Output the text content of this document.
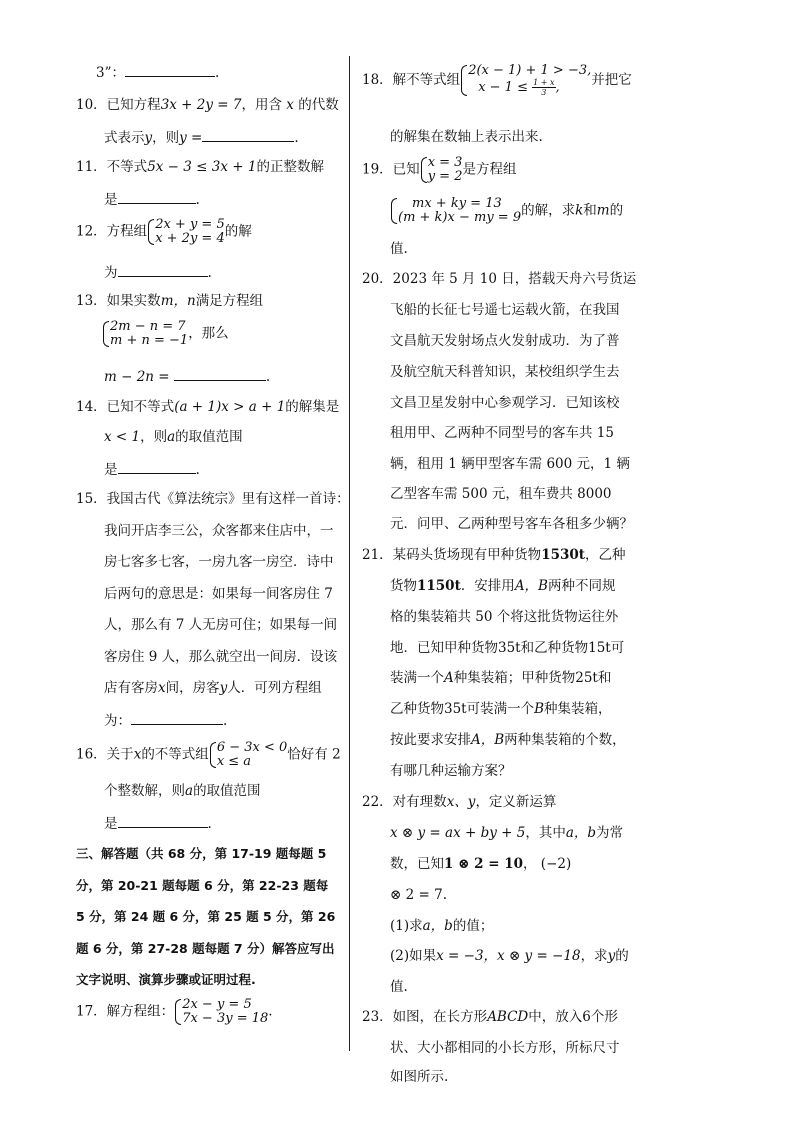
3”：	.
10．已知方程3x + 2y = 7，用含 x 的代数
式表示y，则y =	.
11．不等式5x − 3 ≤ 3x + 1的正整数解
是	.
12．方程组 2x + y = 5
x + 2y = 4 的解
为	.
13．如果实数m，n满足方程组
2m − n = 7
m + n = −1 ，那么
m − 2n =	.
14．已知不等式(a + 1)x > a + 1的解集是
x < 1，则a的取值范围
是	.
15．我国古代《算法统宗》里有这样一首诗：
我问开店李三公，众客都来住店中，一
房七客多七客，一房九客一房空．诗中
后两句的意思是：如果每一间客房住 7
人，那么有 7 人无房可住；如果每一间
客房住 9 人，那么就空出一间房．设该
店有客房x间，房客y人．可列方程组
为：	.
16．关于x的不等式组 6 − 3x < 0
x ≤ a	恰好有 2
个整数解，则a的取值范围
是	.
三、解答题（共 68 分，第 17-19 题每题 5
分，第 20-21 题每题 6 分，第 22-23 题每
5 分，第 24 题 6 分，第 25 题 5 分，第 26
题 6 分，第 27-28 题每题 7 分）解答应写出
文字说明、演算步骤或证明过程.
17．解方程组： 2x − y = 5
7x − 3y = 18 .
18．解不等式组
2(x − 1) + 1 > −3,
$x - 1 \le \frac{1 + x}{3}$ ,	并把它
的解集在数轴上表示出来.
19．已知 x = 3
y = 2 是方程组
mx + ky = 13
(m + k)x − my = 9 的解，求k和m的
值.
20．2023 年 5 月 10 日，搭载天舟六号货运
飞船的长征七号遥七运载火箭，在我国
文昌航天发射场点火发射成功．为了普
及航空航天科普知识，某校组织学生去
文昌卫星发射中心参观学习．已知该校
租用甲、乙两种不同型号的客车共 15
辆，租用 1 辆甲型客车需 600 元，1 辆
乙型客车需 500 元，租车费共 8000
元．问甲、乙两种型号客车各租多少辆？
21．某码头货场现有甲种货物1530t，乙种
货物1150t．安排用A，B两种不同规
格的集装箱共 50 个将这批货物运往外
地．已知甲种货物35t和乙种货物15t可
装满一个A种集装箱；甲种货物25t和
乙种货物35t可装满一个B种集装箱，
按此要求安排A，B两种集装箱的个数，
有哪几种运输方案？
22．对有理数x、y，定义新运算
x ⊗ y = ax + by + 5，其中a，b为常
数，已知1 ⊗ 2 = 10， (−2)
⊗ 2 = 7.
(1)求a，b的值；
(2)如果x = −3，x ⊗ y = −18，求y的
值.
23．如图，在长方形ABCD中，放入6个形
状、大小都相同的小长方形，所标尺寸
如图所示.
